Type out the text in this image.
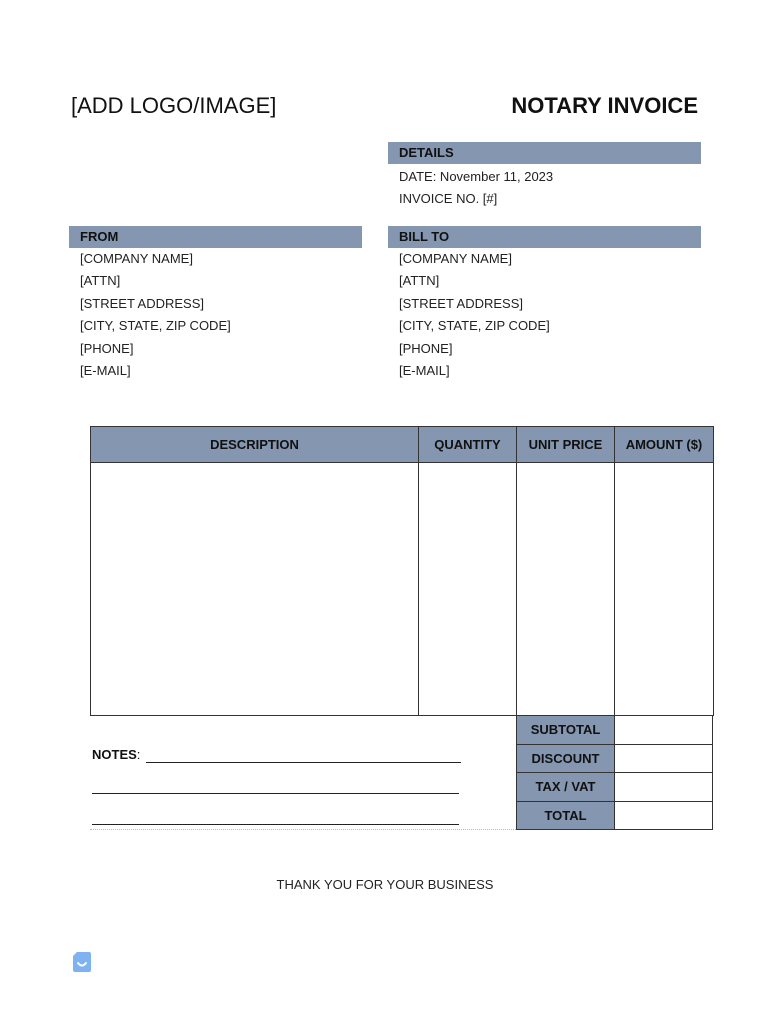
[ADD LOGO/IMAGE]	NOTARY INVOICE
DETAILS
DATE: November 11, 2023
INVOICE NO. [#]
FROM
[COMPANY NAME]
[ATTN]
[STREET ADDRESS]
[CITY, STATE, ZIP CODE]
[PHONE]
[E-MAIL]
BILL TO
[COMPANY NAME]
[ATTN]
[STREET ADDRESS]
[CITY, STATE, ZIP CODE]
[PHONE]
[E-MAIL]
DESCRIPTION	QUANTITY	UNIT PRICE	AMOUNT ($)

SUBTOTAL
DISCOUNT
TAX / VAT
TOTAL
NOTES:
THANK YOU FOR YOUR BUSINESS
